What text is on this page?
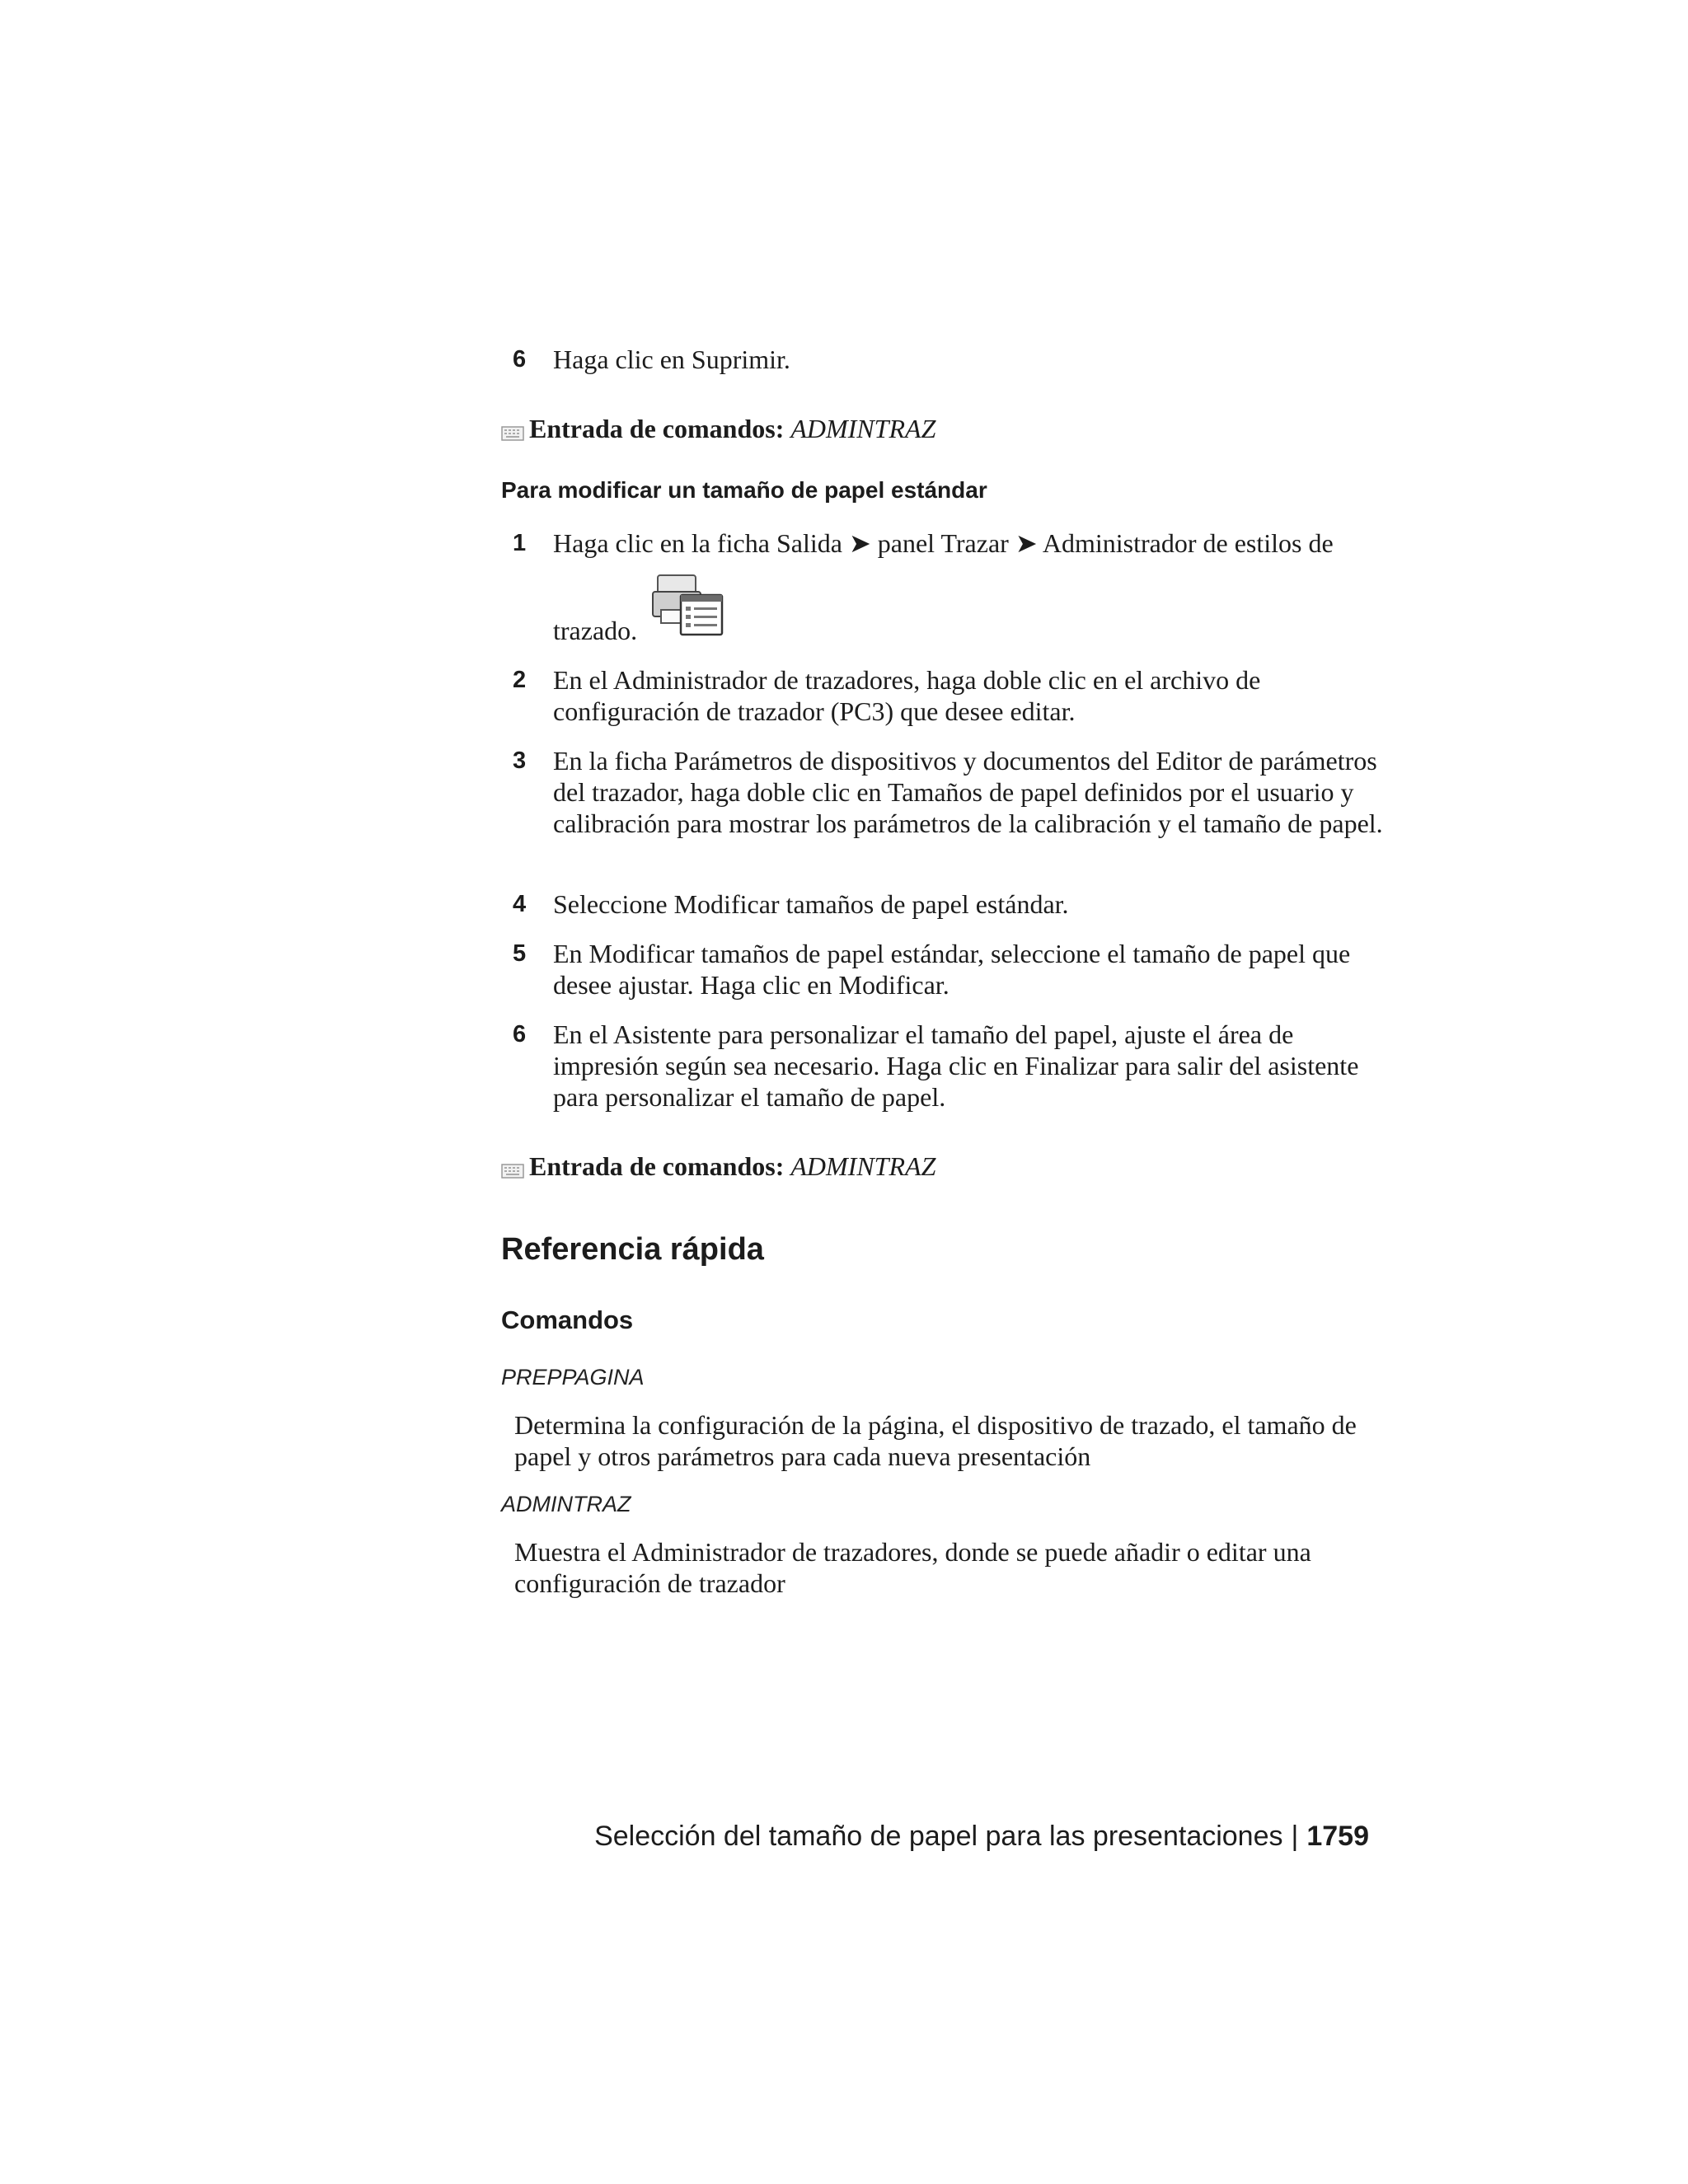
6	Haga clic en Suprimir.
Entrada de comandos: ADMINTRAZ
Para modificar un tamaño de papel estándar
1	Haga clic en la ficha Salida ➤ panel Trazar ➤ Administrador de estilos de
trazado.
2	En el Administrador de trazadores, haga doble clic en el archivo de configuración de trazador (PC3) que desee editar.
3	En la ficha Parámetros de dispositivos y documentos del Editor de parámetros del trazador, haga doble clic en Tamaños de papel definidos por el usuario y calibración para mostrar los parámetros de la calibración y el tamaño de papel.
4	Seleccione Modificar tamaños de papel estándar.
5	En Modificar tamaños de papel estándar, seleccione el tamaño de papel que desee ajustar. Haga clic en Modificar.
6	En el Asistente para personalizar el tamaño del papel, ajuste el área de impresión según sea necesario. Haga clic en Finalizar para salir del asistente para personalizar el tamaño de papel.
Entrada de comandos: ADMINTRAZ
Referencia rápida
Comandos
PREPPAGINA
Determina la configuración de la página, el dispositivo de trazado, el tamaño de papel y otros parámetros para cada nueva presentación
ADMINTRAZ
Muestra el Administrador de trazadores, donde se puede añadir o editar una configuración de trazador
Selección del tamaño de papel para las presentaciones | 1759
